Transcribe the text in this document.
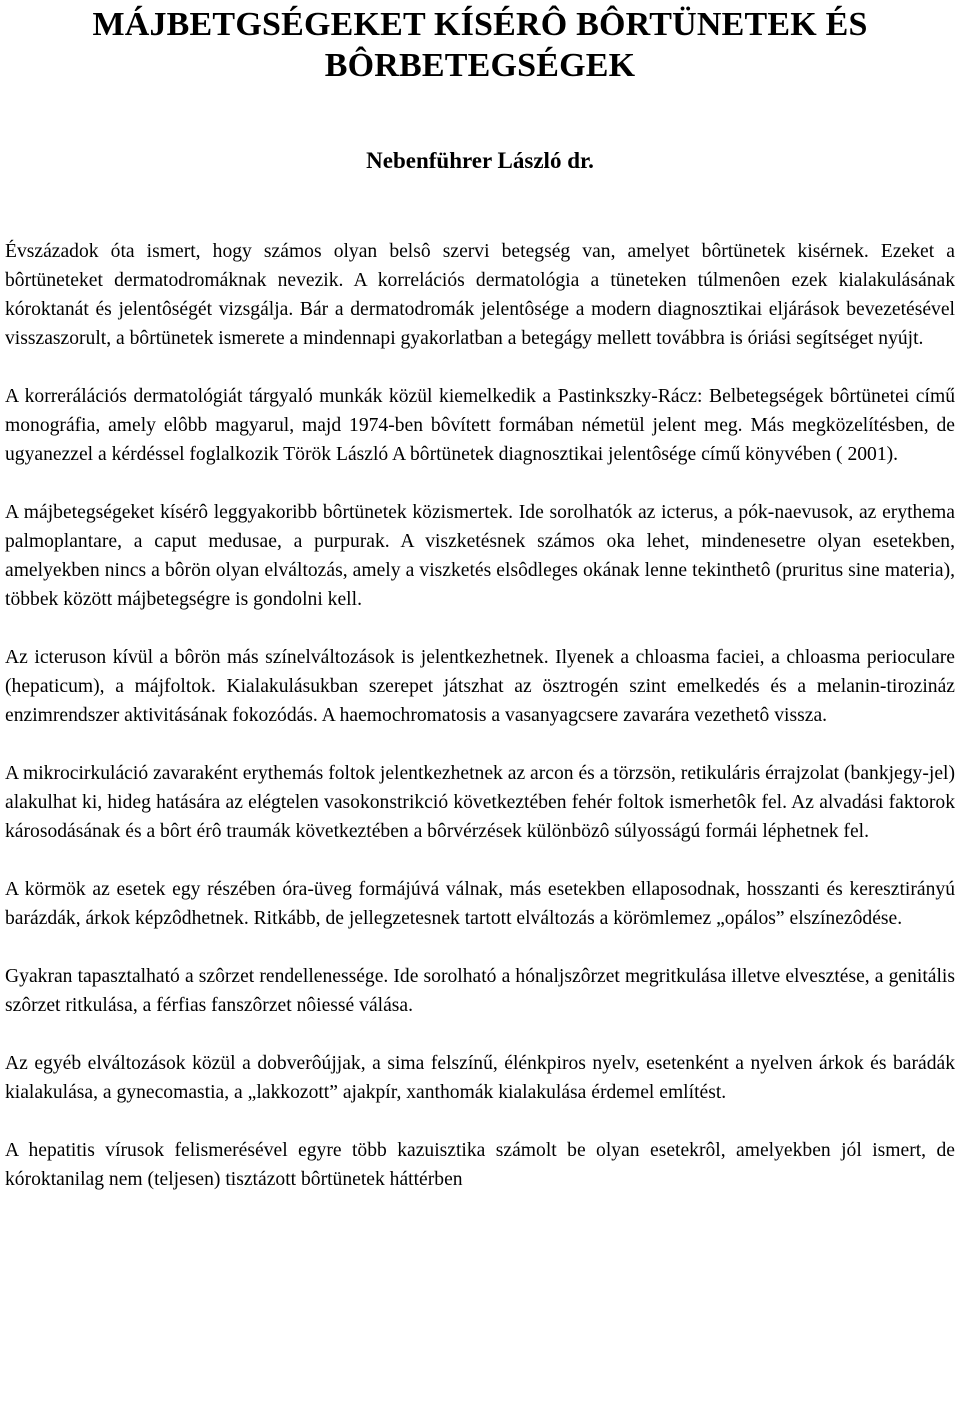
MÁJBETGSÉGEKET KÍSÉRÔ BÔRTÜNETEK ÉS BÔRBETEGSÉGEK
Nebenführer László dr.

Évszázadok óta ismert, hogy számos olyan belsô szervi betegség van, amelyet bôrtünetek kisérnek. Ezeket a bôrtüneteket dermatodromáknak nevezik. A korrelációs dermatológia a tüneteken túlmenôen ezek kialakulásának kóroktanát és jelentôségét vizsgálja. Bár a dermatodromák jelentôsége a modern diagnosztikai eljárások bevezetésével visszaszorult, a bôrtünetek ismerete a mindennapi gyakorlatban a betegágy mellett továbbra is óriási segítséget nyújt.

A korrerálációs dermatológiát tárgyaló munkák közül kiemelkedik a Pastinkszky-Rácz: Belbetegségek bôrtünetei című monográfia, amely elôbb magyarul, majd 1974-ben bôvített formában németül jelent meg. Más megközelítésben, de ugyanezzel a kérdéssel foglalkozik Török László A bôrtünetek diagnosztikai jelentôsége című könyvében ( 2001).

A májbetegségeket kísérô leggyakoribb bôrtünetek közismertek. Ide sorolhatók az icterus, a pók-naevusok, az erythema palmoplantare, a caput medusae, a purpurak. A viszketésnek számos oka lehet, mindenesetre olyan esetekben, amelyekben nincs a bôrön olyan elváltozás, amely a viszketés elsôdleges okának lenne tekinthetô (pruritus sine materia), többek között májbetegségre is gondolni kell.

Az icteruson kívül a bôrön más színelváltozások is jelentkezhetnek. Ilyenek a chloasma faciei, a chloasma perioculare (hepaticum), a májfoltok. Kialakulásukban szerepet játszhat az ösztrogén szint emelkedés és a melanin-tirozináz enzimrendszer aktivitásának fokozódás. A haemochromatosis a vasanyagcsere zavarára vezethetô vissza.

A mikrocirkuláció zavaraként erythemás foltok jelentkezhetnek az arcon és a törzsön, retikuláris érrajzolat (bankjegy-jel) alakulhat ki, hideg hatására az elégtelen vasokonstrikció következtében fehér foltok ismerhetôk fel. Az alvadási faktorok károsodásának és a bôrt érô traumák következtében a bôrvérzések különbözô súlyosságú formái léphetnek fel.

A körmök az esetek egy részében óra-üveg formájúvá válnak, más esetekben ellaposodnak, hosszanti és keresztirányú barázdák, árkok képzôdhetnek. Ritkább, de jellegzetesnek tartott elváltozás a körömlemez „opálos” elszínezôdése.

Gyakran tapasztalható a szôrzet rendellenessége. Ide sorolható a hónaljszôrzet megritkulása illetve elvesztése, a genitális szôrzet ritkulása, a férfias fanszôrzet nôiessé válása.

Az egyéb elváltozások közül a dobverôújjak, a sima felszínű, élénkpiros nyelv, esetenként a nyelven árkok és barádák kialakulása, a gynecomastia, a „lakkozott” ajakpír, xanthomák kialakulása érdemel említést.

A hepatitis vírusok felismerésével egyre több kazuisztika számolt be olyan esetekrôl, amelyekben jól ismert, de kóroktanilag nem (teljesen) tisztázott bôrtünetek háttérben
